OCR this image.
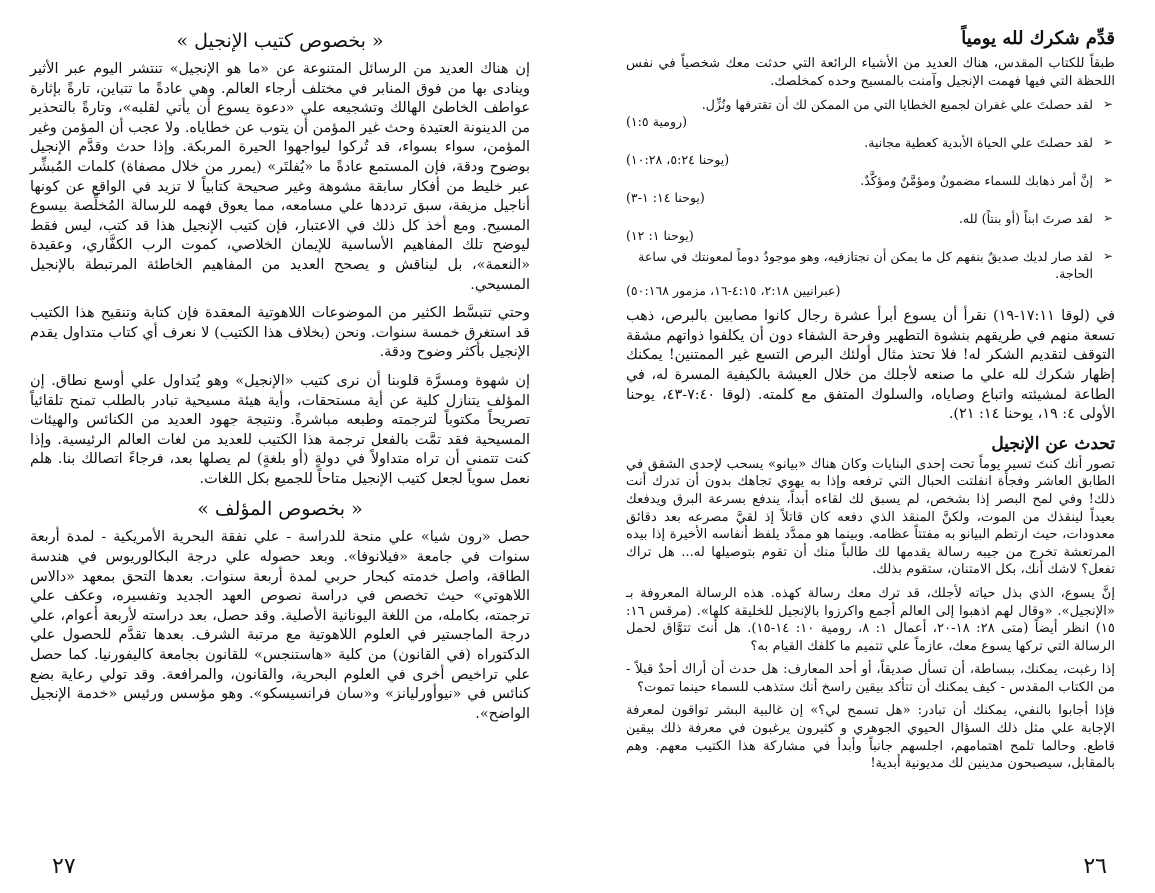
« بخصوص كتيب الإنجيل »

إن هناك العديد من الرسائل المتنوعة عن «ما هو الإنجيل» تنتشر اليوم عبر الأثير وينادى بها من فوق المنابر في مختلف أرجاء العالم. وهي عادةً ما تتباين، تارةً بإثارة عواطف الخاطئ الهالك وتشجيعه علي «دعوة يسوع أن يأتي لقلبه»، وتارةً بالتحذير من الدينونة العتيدة وحث غير المؤمن أن يتوب عن خطاياه. ولا عجب أن المؤمن وغير المؤمن، سواء بسواء، قد تُركوا ليواجهوا الحيرة المربكة. وإذا حدث وقدَّم الإنجيل بوضوح ودقة، فإن المستمع عادةً ما «يُفلتَر» (يمرر من خلال مصفاة) كلمات المُبشِّر عبر خليط من أفكار سابقة مشوهة وغير صحيحة كتابياً لا تزيد في الواقع عن كونها أناجيل مزيفة، سبق ترددها علي مسامعه، مما يعوق فهمه للرسالة المُخلِّصة بيسوع المسيح. ومع أخذ كل ذلك في الاعتبار، فإن كتيب الإنجيل هذا قد كتب، ليس فقط ليوضح تلك المفاهيم الأساسية للإيمان الخلاصي، كموت الرب الكفَّاري، وعقيدة «النعمة»، بل ليناقش و يصحح العديد من المفاهيم الخاطئة المرتبطة بالإنجيل المسيحي.

وحتي تتبسَّط الكثير من الموضوعات اللاهوتية المعقدة فإن كتابة وتنقيح هذا الكتيب قد استغرق خمسة سنوات. ونحن (بخلاف هذا الكتيب) لا نعرف أي كتاب متداول يقدم الإنجيل بأكثر وضوح ودقة.

إن شهوة ومسرَّة قلوبنا أن نرى كتيب «الإنجيل» وهو يُتداول علي أوسع نطاق. إن المؤلف يتنازل كلية عن أية مستحقات، وأية هيئة مسيحية تبادر بالطلب تمنح تلقائياً تصريحاً مكتوباً لترجمته وطبعه مباشرةً. ونتيجة جهود العديد من الكنائس والهيئات المسيحية فقد تمَّت بالفعل ترجمة هذا الكتيب للعديد من لغات العالم الرئيسية. وإذا كنت تتمنى أن تراه متداولاً في دولةٍ (أو بلغةٍ) لم يصلها بعد، فرجاءً اتصالك بنا. هلم نعمل سوياً لجعل كتيب الإنجيل متاحاً للجميع بكل اللغات.

« بخصوص المؤلف »

حصل «رون شيا» علي منحة للدراسة - علي نفقة البحرية الأمريكية - لمدة أربعة سنوات في جامعة «فيلانوفا». وبعد حصوله علي درجة البكالوريوس في هندسة الطاقة، واصل خدمته كبحار حربي لمدة أربعة سنوات. بعدها التحق بمعهد «دالاس اللاهوتي» حيث تخصص في دراسة نصوص العهد الجديد وتفسيره، وعكف علي ترجمته، بكامله، من اللغة اليونانية الأصلية. وقد حصل، بعد دراسته لأربعة أعوام، علي درجة الماجستير في العلوم اللاهوتية مع مرتبة الشرف. بعدها تقدَّم للحصول علي الدكتوراه (في القانون) من كلية «هاستنجس» للقانون بجامعة كاليفورنيا. كما حصل علي تراخيص أخرى في العلوم البحرية، والقانون، والمرافعة. وقد تولي رعاية بضع كنائس في «نيوأورليانز» و«سان فرانسيسكو». وهو مؤسس ورئيس «خدمة الإنجيل الواضح».

٢٧
قدِّم شكرك لله يومياً

طبقاً للكتاب المقدس، هناك العديد من الأشياء الرائعة التي حدثت معك شخصياً في نفس اللحظة التي فيها فهمت الإنجيل وآمنت بالمسيح وحده كمخلصك.

➢
لقد حصلتَ علي غفران لجميع الخطايا التي من الممكن لك أن تقترفها ونُزِّل.
(رومية ١:٥)
➢
لقد حصلتَ علي الحياة الأبدية كعطية مجانية.
(يوحنا ٥:٢٤، ١٠:٢٨)
➢
إنَّ أمر ذهابك للسماء مضمونٌ ومؤمَّنٌ ومؤكَّدٌ.
(يوحنا ١٤: ١-٣)
➢
لقد صرتَ ابناً (أو بنتاً) لله.
(يوحنا ١: ١٢)
➢
لقد صار لديك صديقٌ بنفهم كل ما يمكن أن نجتازفيه، وهو موجودٌ دوماً لمعونتك في ساعة الحاجة.
(عبرانيين ٢:١٨، ٤:١٥-١٦، مزمور ٥٠:١٦٨)

في (لوقا ١٧:١١-١٩) نقرأ أن يسوع أبرأ عشرة رجال كانوا مصابين بالبرص، ذهب تسعة منهم في طريقهم بنشوة التطهير وفرحة الشفاء دون أن يكلفوا ذواتهم مشقة التوقف لتقديم الشكر له! فلا تحتذ مثال أولئك البرص التسع غير الممتنين! يمكنك إظهار شكرك لله علي ما صنعه لأجلك من خلال العيشة بالكيفية المسرة له، في الطاعة لمشيئته واتباع وصاياه، والسلوك المتفق مع كلمته. (لوقا ٧:٤٠-٤٣، يوحنا الأولى ٤: ١٩، يوحنا ١٤: ٢١).

تحدث عن الإنجيل

تصور أنك كنتَ تسير يوماً تحت إحدى البنايات وكان هناك «بيانو» يسحب لإحدى الشقق في الطابق العاشر وفجأة انفلتت الحبال التي ترفعه وإذا به يهوي تجاهك بدون أن تدرك أنت ذلك! وفي لمح البصر إذا بشخص، لم يسبق لك لقاءه أبداً، يندفع بسرعة البرق ويدفعك بعيداً لينقذك من الموت، ولكنَّ المنقذ الذي دفعه كان قاتلاً إذ لقيَّ مصرعه بعد دقائق معدودات، حيث ارتطم البيانو به مفتتاً عظامه. وبينما هو ممدَّد يلفظ أنفاسه الأخيرة إذا بيده المرتعشة تخرج من جيبه رسالة يقدمها لك طالباً منك أن تقوم بتوصيلها له... هل تراك تفعل؟ لاشك أنك، بكل الامتنان، ستقوم بذلك.

إنَّ يسوع، الذي بذل حياته لأجلك، قد ترك معك رسالة كهذه. هذه الرسالة المعروفة بـ «الإنجيل». «وقال لهم اذهبوا إلى العالم أجمع واكرزوا بالإنجيل للخليقة كلها». (مرقس ١٦: ١٥) انظر أيضاً (متى ٢٨: ١٨-٢٠، أعمال ١: ٨، رومية ١٠: ١٤-١٥). هل أنتَ تتوَّاق لحمل الرسالة التي تركها يسوع معك، عازماً علي تتميم ما كلفك القيام به؟

إذا رغبت، يمكنك، ببساطة، أن تسأل صديقاً، أو أحد المعارف: هل حدث أن أراك أحدٌ قبلاً - من الكتاب المقدس - كيف يمكنك أن تتأكد بيقين راسخ أنك ستذهب للسماء حينما تموت؟

فإذا أجابوا بالنفي، يمكنك أن تبادر: «هل تسمح لي؟» إن غالبية البشر تواقون لمعرفة الإجابة علي مثل ذلك السؤال الحيوي الجوهري و كثيرون يرغبون في معرفة ذلك بيقين قاطع. وحالما تلمح اهتمامهم، اجلسهم جانباً وأبدأ في مشاركة هذا الكتيب معهم. وهم بالمقابل، سيصبحون مدينين لك مديونية أبدية!

٢٦
